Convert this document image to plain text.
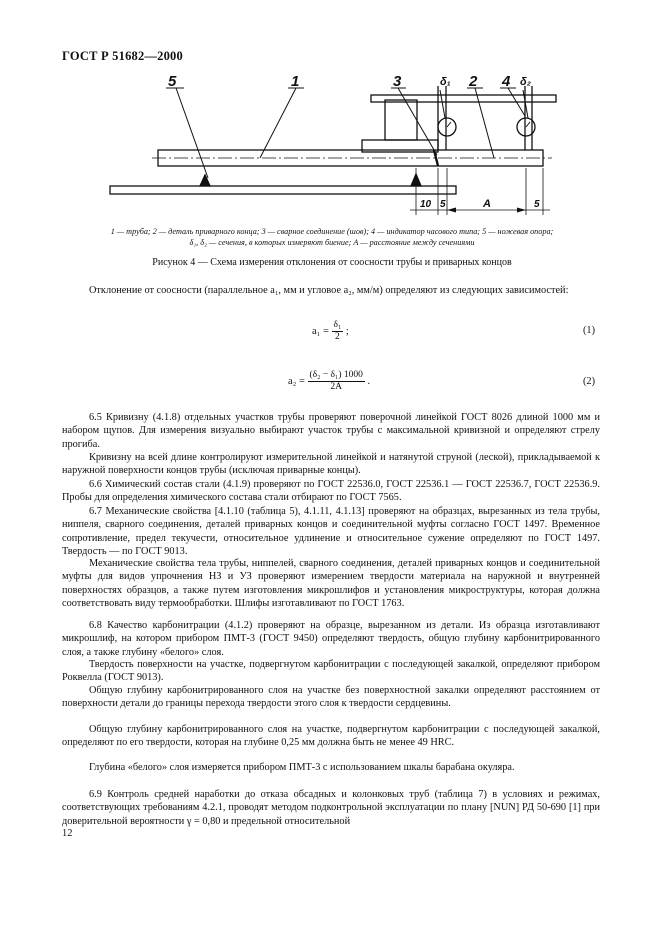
ГОСТ Р 51682—2000
5	1	3	2 4
δ₁	δ₂
10 5	A	5
1 — труба; 2 — деталь приварного конца; 3 — сварное соединение (шов); 4 — индикатор часового типа; 5 — ножевая опора;
δ₁, δ₂ — сечения, в которых измеряют биение; A — расстояние между сечениями
Рисунок 4 — Схема измерения отклонения от соосности трубы и приварных концов
Отклонение от соосности (параллельное a₁, мм и угловое a₂, мм/м) определяют из следующих зависимостей:
$a_1 = \frac{\text{δ₁}}{2}$ ;	(1)
$a_2 = \frac{\text{(δ₂ − δ₁) 1000}}{2A}$ .	(2)
6.5 Кривизну (4.1.8) отдельных участков трубы проверяют поверочной линейкой ГОСТ 8026 длиной 1000 мм и набором щупов. Для измерения визуально выбирают участок трубы с максимальной кривизной и определяют стрелу прогиба.
Кривизну на всей длине контролируют измерительной линейкой и натянутой струной (леской), прикладываемой к наружной поверхности концов трубы (исключая приварные концы).
6.6 Химический состав стали (4.1.9) проверяют по ГОСТ 22536.0, ГОСТ 22536.1 — ГОСТ 22536.7, ГОСТ 22536.9. Пробы для определения химического состава стали отбирают по ГОСТ 7565.
6.7 Механические свойства [4.1.10 (таблица 5), 4.1.11, 4.1.13] проверяют на образцах, вырезанных из тела трубы, ниппеля, сварного соединения, деталей приварных концов и соединительной муфты согласно ГОСТ 1497. Временное сопротивление, предел текучести, относительное удлинение и относительное сужение определяют по ГОСТ 1497. Твердость — по ГОСТ 9013.
Механические свойства тела трубы, ниппелей, сварного соединения, деталей приварных концов и соединительной муфты для видов упрочнения НЗ и УЗ проверяют измерением твердости материала на наружной и внутренней поверхностях образцов, а также путем изготовления микрошлифов и установления микроструктуры, которая должна соответствовать виду термообработки. Шлифы изготавливают по ГОСТ 1763.
6.8 Качество карбонитрации (4.1.2) проверяют на образце, вырезанном из детали. Из образца изготавливают микрошлиф, на котором прибором ПМТ-3 (ГОСТ 9450) определяют твердость, общую глубину карбонитрированного слоя, а также глубину «белого» слоя.
Твердость поверхности на участке, подвергнутом карбонитрации с последующей закалкой, определяют прибором Роквелла (ГОСТ 9013).
Общую глубину карбонитрированного слоя на участке без поверхностной закалки определяют расстоянием от поверхности детали до границы перехода твердости этого слоя к твердости сердцевины.
Общую глубину карбонитрированного слоя на участке, подвергнутом карбонитрации с последующей закалкой, определяют по его твердости, которая на глубине 0,25 мм должна быть не менее 49 HRC.
Глубина «белого» слоя измеряется прибором ПМТ-3 с использованием шкалы барабана окуляра.
6.9 Контроль средней наработки до отказа обсадных и колонковых труб (таблица 7) в условиях и режимах, соответствующих требованиям 4.2.1, проводят методом подконтрольной эксплуатации по плану [NUN] РД 50-690 [1] при доверительной вероятности γ = 0,80 и предельной относительной
12
